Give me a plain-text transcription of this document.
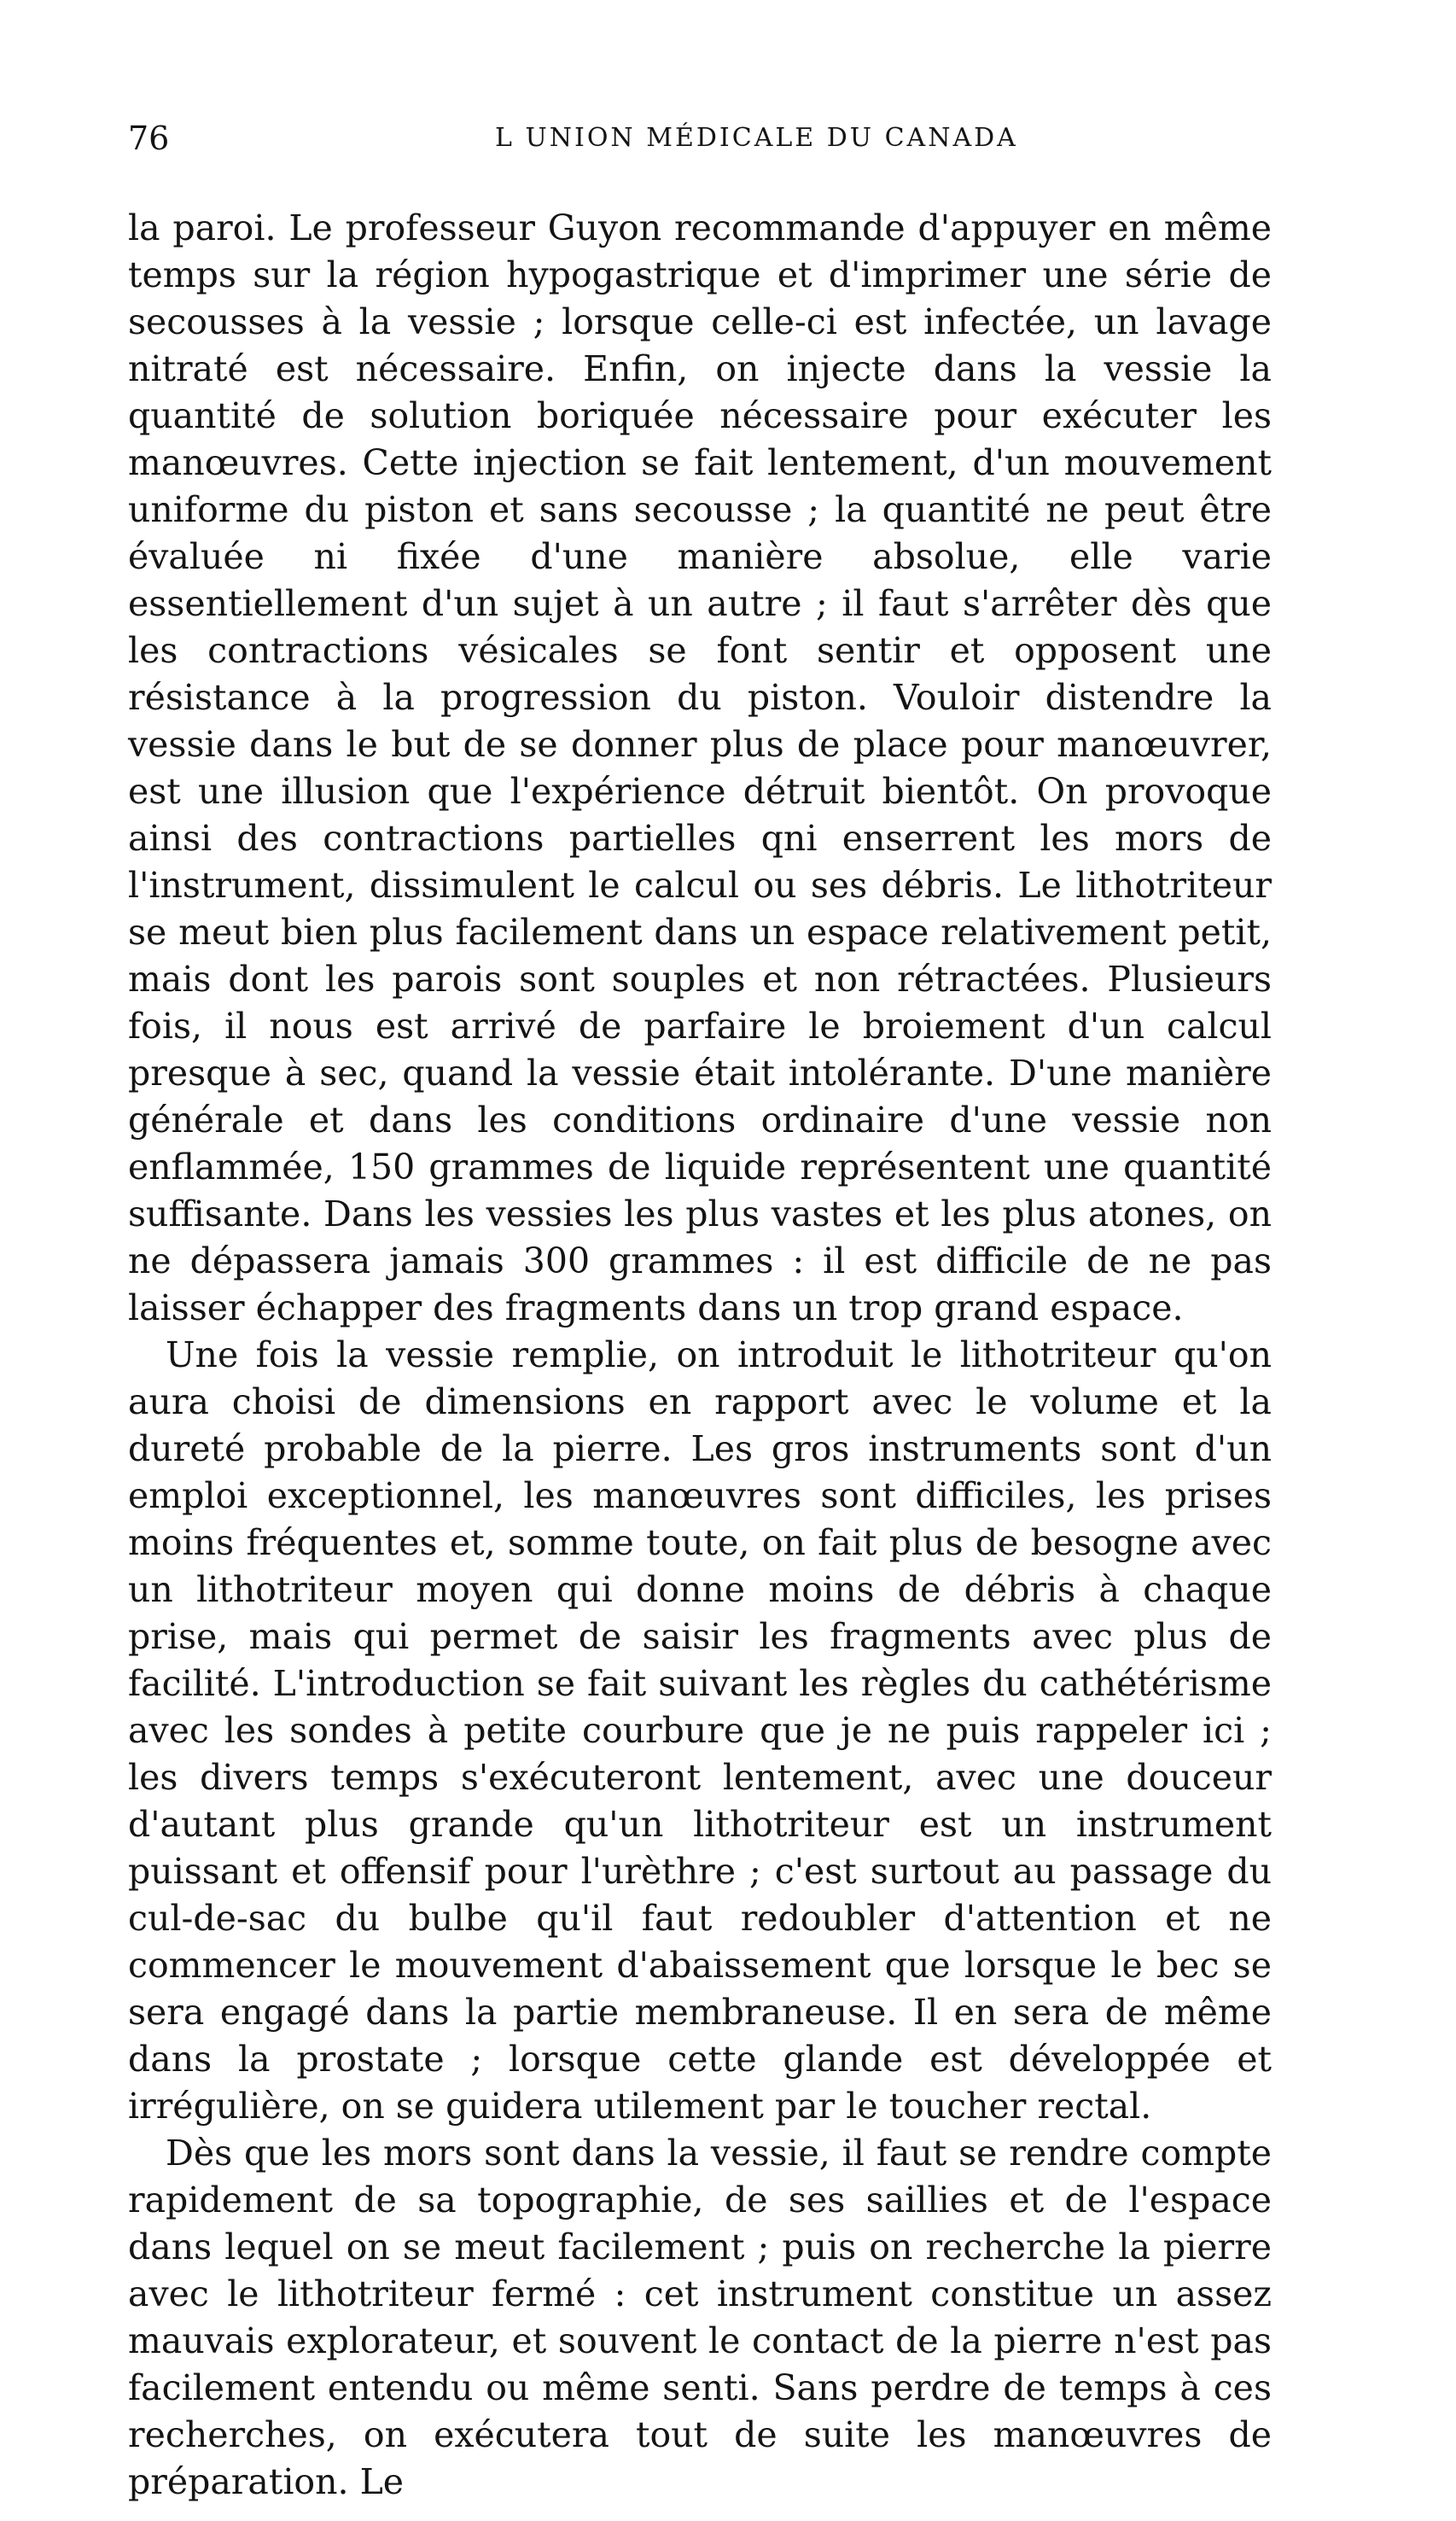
76	L UNION MÉDICALE DU CANADA

la paroi. Le professeur Guyon recommande d'appuyer en même temps sur la région hypogastrique et d'imprimer une série de secousses à la vessie ; lorsque celle-ci est infectée, un lavage nitraté est nécessaire. Enfin, on injecte dans la vessie la quantité de solution boriquée nécessaire pour exécuter les manœuvres. Cette injection se fait lentement, d'un mouvement uniforme du piston et sans secousse ; la quantité ne peut être évaluée ni fixée d'une manière absolue, elle varie essentiellement d'un sujet à un autre ; il faut s'arrêter dès que les contractions vésicales se font sentir et opposent une résistance à la progression du piston. Vouloir distendre la vessie dans le but de se donner plus de place pour manœuvrer, est une illusion que l'expérience détruit bientôt. On provoque ainsi des contractions partielles qni enserrent les mors de l'instrument, dissimulent le calcul ou ses débris. Le lithotriteur se meut bien plus facilement dans un espace relativement petit, mais dont les parois sont souples et non rétractées. Plusieurs fois, il nous est arrivé de parfaire le broiement d'un calcul presque à sec, quand la vessie était intolérante. D'une manière générale et dans les conditions ordinaire d'une vessie non enflammée, 150 grammes de liquide représentent une quantité suffisante. Dans les vessies les plus vastes et les plus atones, on ne dépassera jamais 300 grammes : il est difficile de ne pas laisser échapper des fragments dans un trop grand espace.

Une fois la vessie remplie, on introduit le lithotriteur qu'on aura choisi de dimensions en rapport avec le volume et la dureté probable de la pierre. Les gros instruments sont d'un emploi exceptionnel, les manœuvres sont difficiles, les prises moins fréquentes et, somme toute, on fait plus de besogne avec un lithotriteur moyen qui donne moins de débris à chaque prise, mais qui permet de saisir les fragments avec plus de facilité. L'introduction se fait suivant les règles du cathétérisme avec les sondes à petite courbure que je ne puis rappeler ici ; les divers temps s'exécuteront lentement, avec une douceur d'autant plus grande qu'un lithotriteur est un instrument puissant et offensif pour l'urèthre ; c'est surtout au passage du cul-de-sac du bulbe qu'il faut redoubler d'attention et ne commencer le mouvement d'abaissement que lorsque le bec se sera engagé dans la partie membraneuse. Il en sera de même dans la prostate ; lorsque cette glande est développée et irrégulière, on se guidera utilement par le toucher rectal.

Dès que les mors sont dans la vessie, il faut se rendre compte rapidement de sa topographie, de ses saillies et de l'espace dans lequel on se meut facilement ; puis on recherche la pierre avec le lithotriteur fermé : cet instrument constitue un assez mauvais explorateur, et souvent le contact de la pierre n'est pas facilement entendu ou même senti. Sans perdre de temps à ces recherches, on exécutera tout de suite les manœuvres de préparation. Le
